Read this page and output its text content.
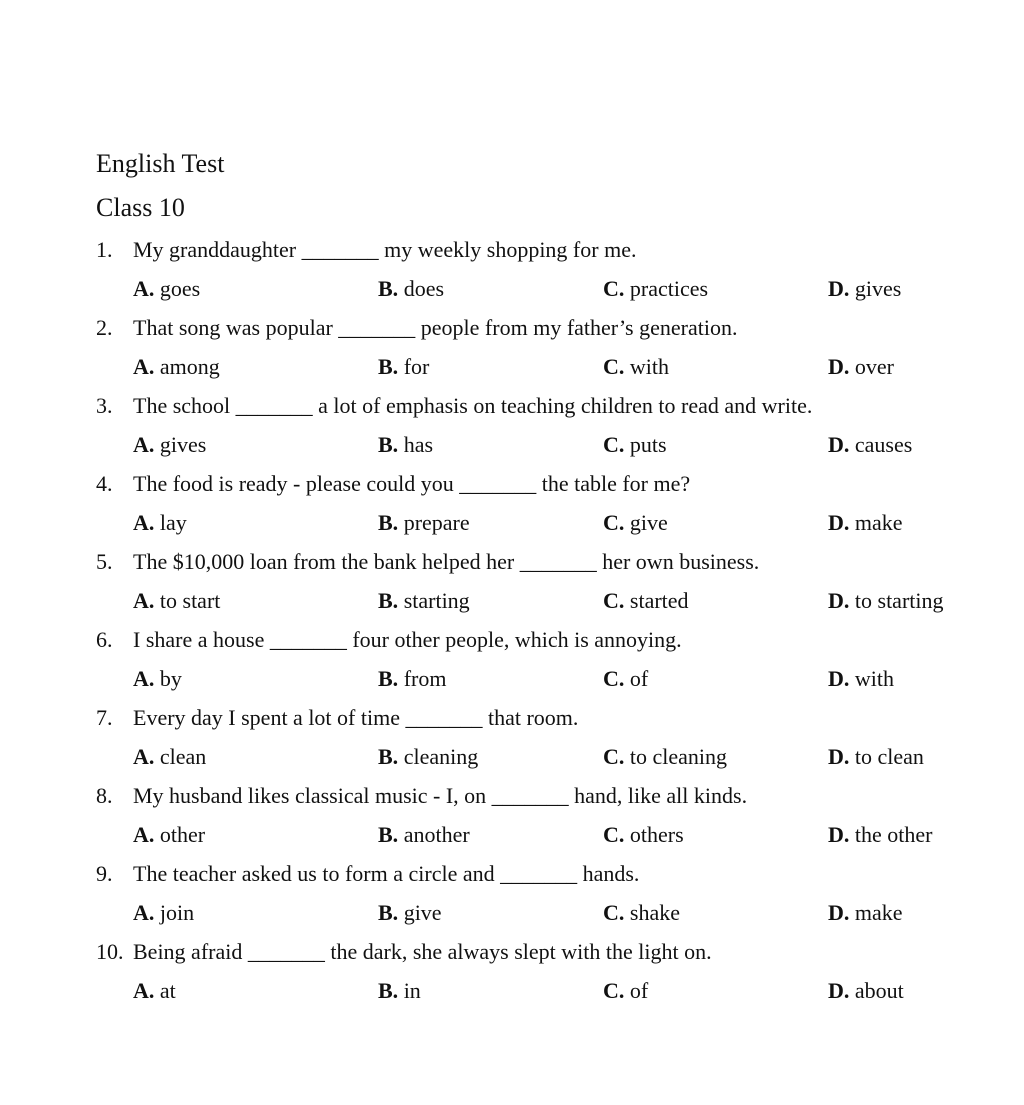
English Test
Class 10
1. My granddaughter _______ my weekly shopping for me.
A. goes	B. does	C. practices	D. gives
2. That song was popular _______ people from my father’s generation.
A. among	B. for	C. with	D. over
3. The school _______ a lot of emphasis on teaching children to read and write.
A. gives	B. has	C. puts	D. causes
4. The food is ready - please could you _______ the table for me?
A. lay	B. prepare	C. give	D. make
5. The $10,000 loan from the bank helped her _______ her own business.
A. to start	B. starting	C. started	D. to starting
6. I share a house _______ four other people, which is annoying.
A. by	B. from	C. of	D. with
7. Every day I spent a lot of time _______ that room.
A. clean	B. cleaning	C. to cleaning	D. to clean
8. My husband likes classical music - I, on _______ hand, like all kinds.
A. other	B. another	C. others	D. the other
9. The teacher asked us to form a circle and _______ hands.
A. join	B. give	C. shake	D. make
10. Being afraid _______ the dark, she always slept with the light on.
A. at	B. in	C. of	D. about
